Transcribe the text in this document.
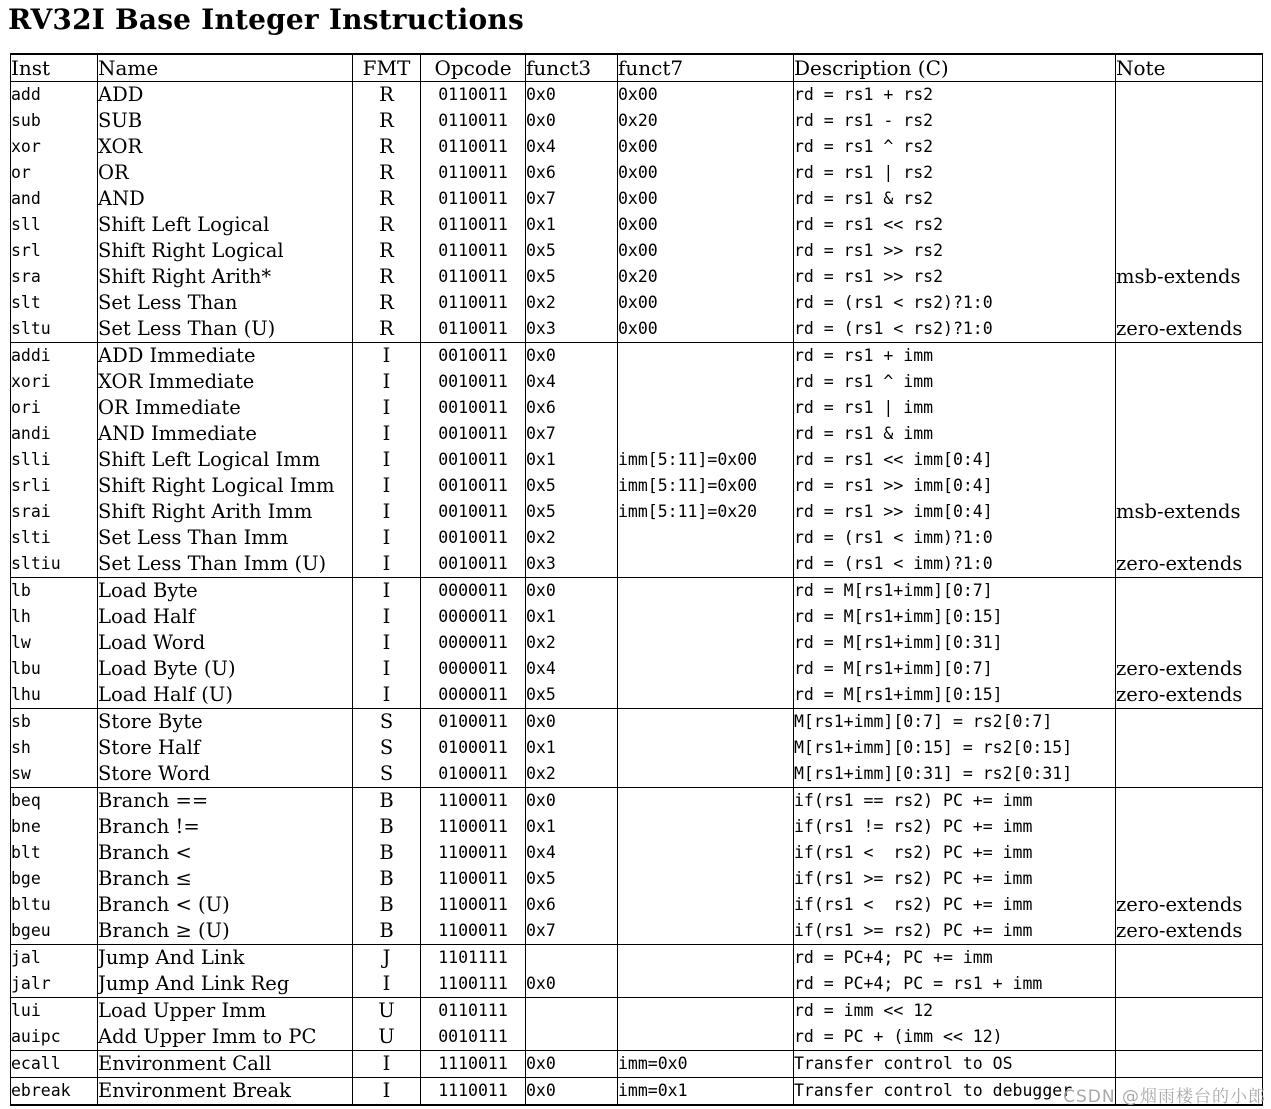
RV32I Base Integer Instructions
Inst	Name	FMT	Opcode	funct3	funct7	Description (C)	Note
add	ADD	R	0110011	0x0	0x00	rd = rs1 + rs2	
sub	SUB	R	0110011	0x0	0x20	rd = rs1 - rs2	
xor	XOR	R	0110011	0x4	0x00	rd = rs1 ^ rs2	
or	OR	R	0110011	0x6	0x00	rd = rs1 | rs2	
and	AND	R	0110011	0x7	0x00	rd = rs1 & rs2	
sll	Shift Left Logical	R	0110011	0x1	0x00	rd = rs1 << rs2	
srl	Shift Right Logical	R	0110011	0x5	0x00	rd = rs1 >> rs2	
sra	Shift Right Arith*	R	0110011	0x5	0x20	rd = rs1 >> rs2	msb-extends
slt	Set Less Than	R	0110011	0x2	0x00	rd = (rs1 < rs2)?1:0	
sltu	Set Less Than (U)	R	0110011	0x3	0x00	rd = (rs1 < rs2)?1:0	zero-extends
addi	ADD Immediate	I	0010011	0x0		rd = rs1 + imm	
xori	XOR Immediate	I	0010011	0x4		rd = rs1 ^ imm	
ori	OR Immediate	I	0010011	0x6		rd = rs1 | imm	
andi	AND Immediate	I	0010011	0x7		rd = rs1 & imm	
slli	Shift Left Logical Imm	I	0010011	0x1	imm[5:11]=0x00	rd = rs1 << imm[0:4]	
srli	Shift Right Logical Imm	I	0010011	0x5	imm[5:11]=0x00	rd = rs1 >> imm[0:4]	
srai	Shift Right Arith Imm	I	0010011	0x5	imm[5:11]=0x20	rd = rs1 >> imm[0:4]	msb-extends
slti	Set Less Than Imm	I	0010011	0x2		rd = (rs1 < imm)?1:0	
sltiu	Set Less Than Imm (U)	I	0010011	0x3		rd = (rs1 < imm)?1:0	zero-extends
lb	Load Byte	I	0000011	0x0		rd = M[rs1+imm][0:7]	
lh	Load Half	I	0000011	0x1		rd = M[rs1+imm][0:15]	
lw	Load Word	I	0000011	0x2		rd = M[rs1+imm][0:31]	
lbu	Load Byte (U)	I	0000011	0x4		rd = M[rs1+imm][0:7]	zero-extends
lhu	Load Half (U)	I	0000011	0x5		rd = M[rs1+imm][0:15]	zero-extends
sb	Store Byte	S	0100011	0x0		M[rs1+imm][0:7] = rs2[0:7]	
sh	Store Half	S	0100011	0x1		M[rs1+imm][0:15] = rs2[0:15]	
sw	Store Word	S	0100011	0x2		M[rs1+imm][0:31] = rs2[0:31]	
beq	Branch ==	B	1100011	0x0		if(rs1 == rs2) PC += imm	
bne	Branch !=	B	1100011	0x1		if(rs1 != rs2) PC += imm	
blt	Branch <	B	1100011	0x4		if(rs1 <  rs2) PC += imm	
bge	Branch ≤	B	1100011	0x5		if(rs1 >= rs2) PC += imm	
bltu	Branch < (U)	B	1100011	0x6		if(rs1 <  rs2) PC += imm	zero-extends
bgeu	Branch ≥ (U)	B	1100011	0x7		if(rs1 >= rs2) PC += imm	zero-extends
jal	Jump And Link	J	1101111			rd = PC+4; PC += imm	
jalr	Jump And Link Reg	I	1100111	0x0		rd = PC+4; PC = rs1 + imm	
lui	Load Upper Imm	U	0110111			rd = imm << 12	
auipc	Add Upper Imm to PC	U	0010111			rd = PC + (imm << 12)	
ecall	Environment Call	I	1110011	0x0	imm=0x0	Transfer control to OS	
ebreak	Environment Break	I	1110011	0x0	imm=0x1	Transfer control to debugger	
CSDN @烟雨楼台的小郎
